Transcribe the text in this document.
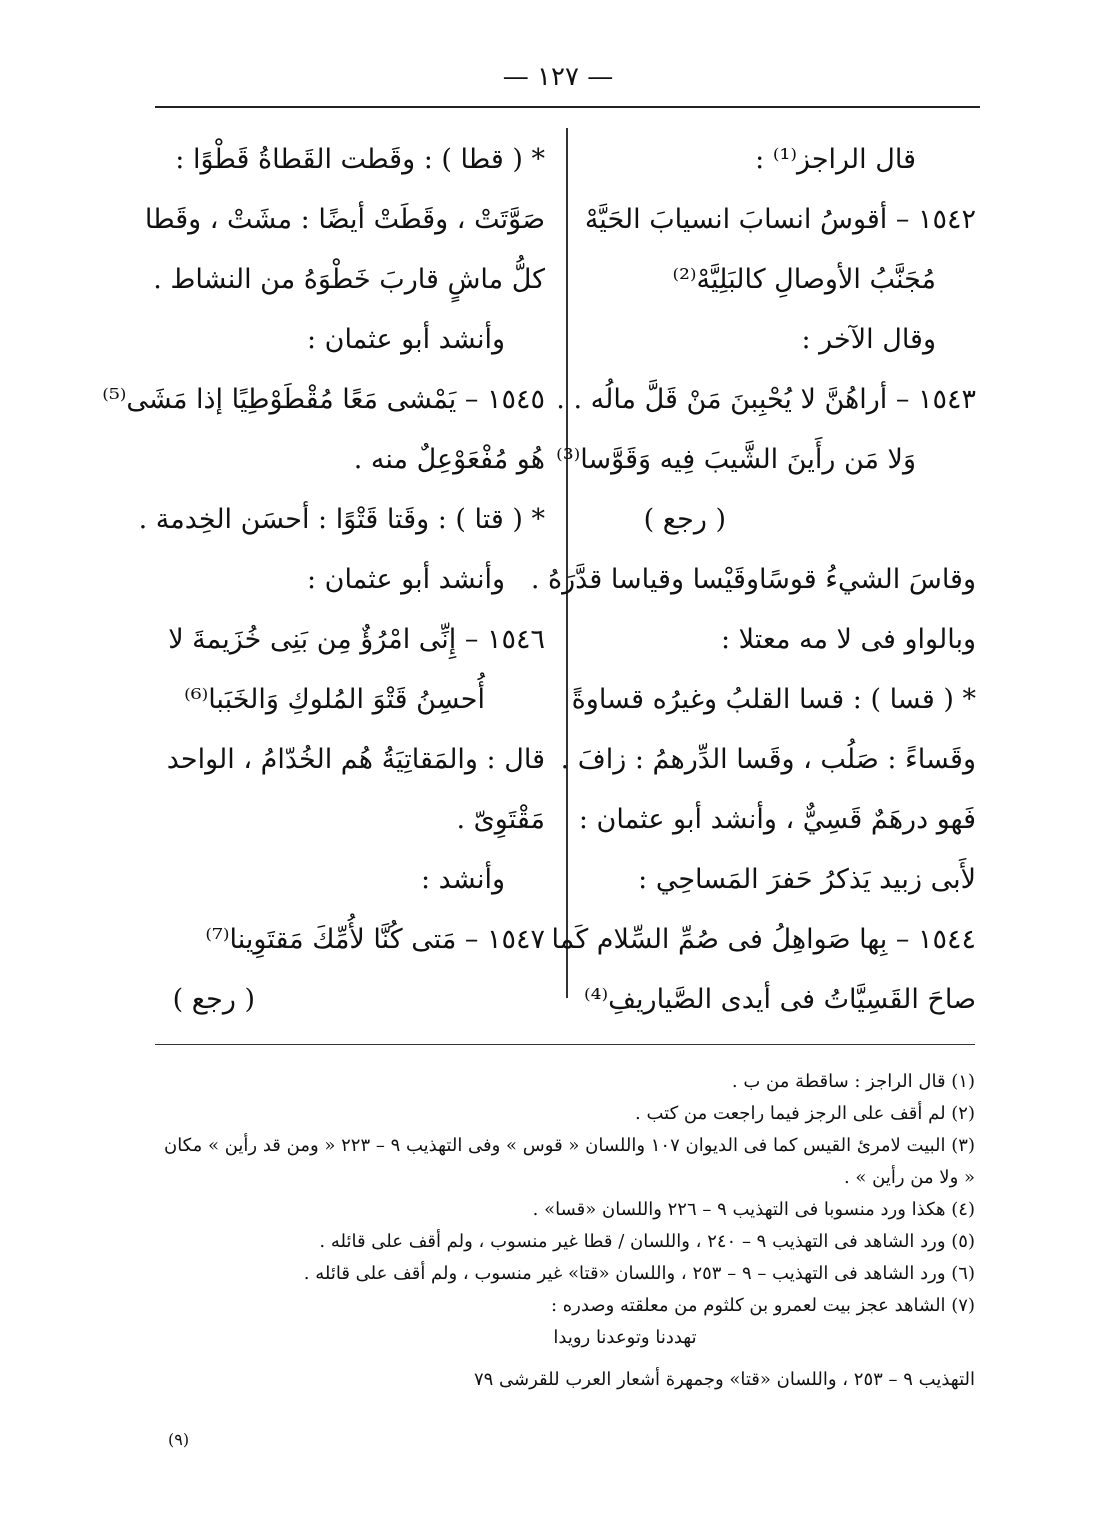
— ١٢٧ —
قال الراجز⁽¹⁾ :
١٥٤٢ – أقوسُ انسابَ انسيابَ الحَيَّهْ
مُجَنَّبُ الأوصالِ كالبَلِيَّهْ⁽²⁾
وقال الآخر :
١٥٤٣ – أراهُنَّ لا يُحْبِبنَ مَنْ قَلَّ مالُه . .
وَلا مَن رأَينَ الشَّيبَ فِيه وَقَوَّسا⁽³⁾
( رجع )
وقاسَ الشيءُ قوسًاوقَيْسا وقياسا قدَّرَهُ .
وبالواو فى لا مه معتلا :
* ( قسا ) : قسا القلبُ وغيرُه قساوةً
وقَساءً : صَلُب ، وقَسا الدِّرهمُ : زافَ .
فَهو درهَمٌ قَسِيٌّ ، وأنشد أبو عثمان :
لأَبى زبيد يَذكرُ حَفرَ المَساحِي :
١٥٤٤ – بِها صَواهِلُ فى صُمِّ السِّلام كَما
صاحَ القَسِيَّاتُ فى أيدى الصَّياريفِ⁽⁴⁾
* ( قطا ) : وقَطت القَطاةُ قَطْوًا :
صَوَّتَتْ ، وقَطَتْ أيضًا : مشَتْ ، وقَطا
كلُّ ماشٍ قاربَ خَطْوَهُ من النشاط .
وأنشد أبو عثمان :
١٥٤٥ – يَمْشى مَعًا مُقْطَوْطِيًا إذا مَشَى⁽⁵⁾
هُو مُفْعَوْعِلٌ منه .
* ( قتا ) : وقَتا قَتْوًا : أحسَن الخِدمة .
وأنشد أبو عثمان :
١٥٤٦ – إِنِّى امْرُؤٌ مِن بَنِى خُزَيمةَ لا
أُحسِنُ قَتْوَ المُلوكِ وَالخَبَبا⁽⁶⁾
قال : والمَقاتِيَةُ هُم الخُدّامُ ، الواحد
مَقْتَوِىّ .
وأنشد :
١٥٤٧ – مَتى كُنَّا لأُمِّكَ مَقتَوِينا⁽⁷⁾
( رجع )
(١) قال الراجز : ساقطة من ب .
(٢) لم أقف على الرجز فيما راجعت من كتب .
(٣) البيت لامرئ القيس كما فى الديوان ١٠٧ واللسان « قوس » وفى التهذيب ٩ – ٢٢٣ « ومن قد رأين » مكان
« ولا من رأين » .
(٤) هكذا ورد منسوبا فى التهذيب ٩ – ٢٢٦ واللسان «قسا» .
(٥) ورد الشاهد فى التهذيب ٩ – ٢٤٠ ، واللسان / قطا غير منسوب ، ولم أقف على قائله .
(٦) ورد الشاهد فى التهذيب – ٩ – ٢٥٣ ، واللسان «قتا» غير منسوب ، ولم أقف على قائله .
(٧) الشاهد عجز بيت لعمرو بن كلثوم من معلقته وصدره :
تهددنا وتوعدنا رويدا
التهذيب ٩ – ٢٥٣ ، واللسان «قتا» وجمهرة أشعار العرب للقرشى ٧٩
(٩)
